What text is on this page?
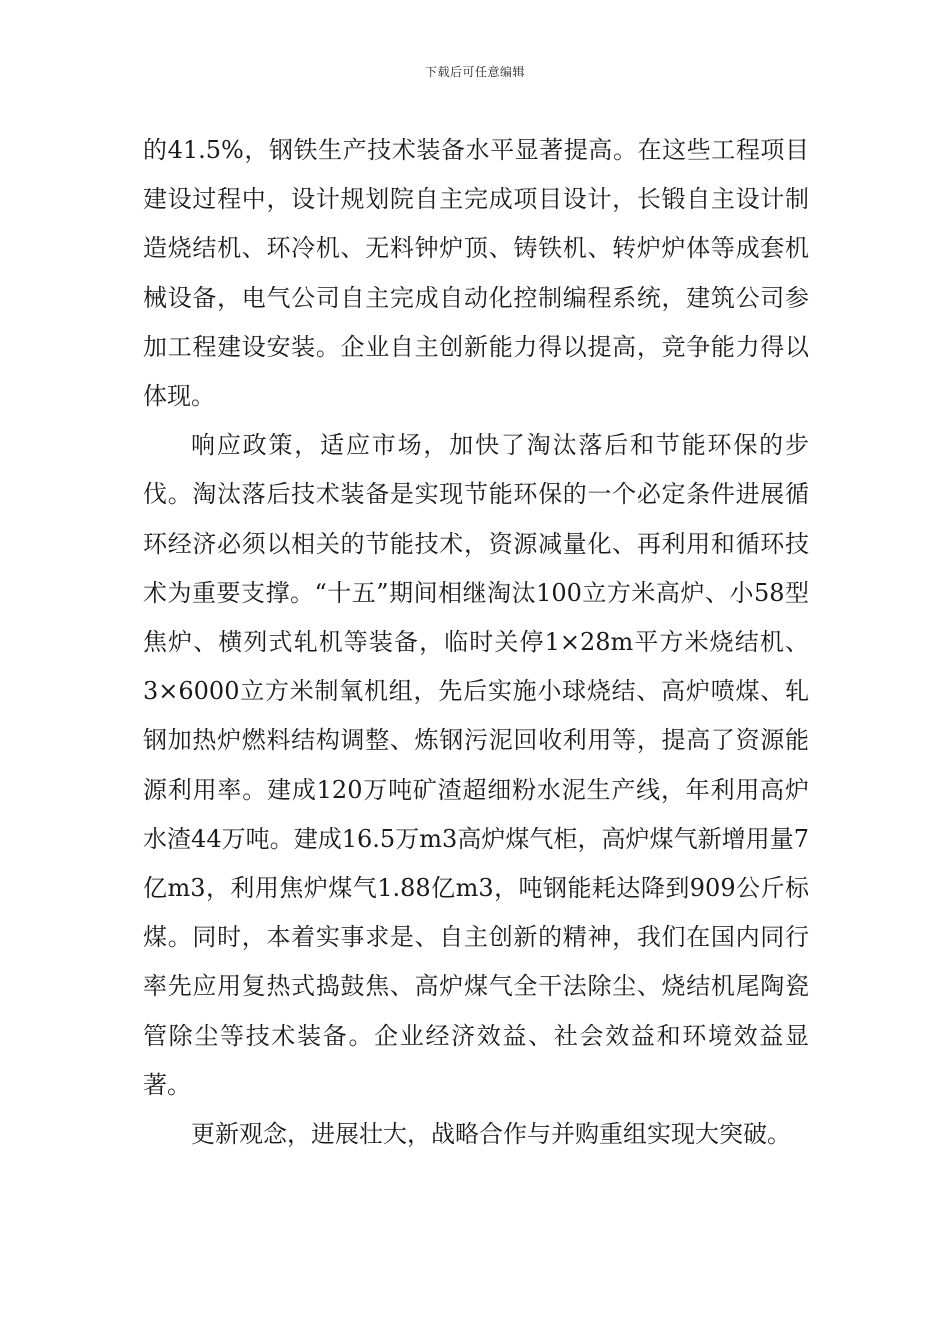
下载后可任意编辑

的41.5%，钢铁生产技术装备水平显著提高。在这些工程项目建设过程中，设计规划院自主完成项目设计，长锻自主设计制造烧结机、环冷机、无料钟炉顶、铸铁机、转炉炉体等成套机械设备，电气公司自主完成自动化控制编程系统，建筑公司参加工程建设安装。企业自主创新能力得以提高，竞争能力得以体现。

响应政策，适应市场，加快了淘汰落后和节能环保的步伐。淘汰落后技术装备是实现节能环保的一个必定条件进展循环经济必须以相关的节能技术，资源减量化、再利用和循环技术为重要支撑。“十五”期间相继淘汰100立方米高炉、小58型焦炉、横列式轧机等装备，临时关停1×28m平方米烧结机、3×6000立方米制氧机组，先后实施小球烧结、高炉喷煤、轧钢加热炉燃料结构调整、炼钢污泥回收利用等，提高了资源能源利用率。建成120万吨矿渣超细粉水泥生产线，年利用高炉水渣44万吨。建成16.5万m3高炉煤气柜，高炉煤气新增用量7亿m3，利用焦炉煤气1.88亿m3，吨钢能耗达降到909公斤标煤。同时，本着实事求是、自主创新的精神，我们在国内同行率先应用复热式捣鼓焦、高炉煤气全干法除尘、烧结机尾陶瓷管除尘等技术装备。企业经济效益、社会效益和环境效益显著。

更新观念，进展壮大，战略合作与并购重组实现大突破。
